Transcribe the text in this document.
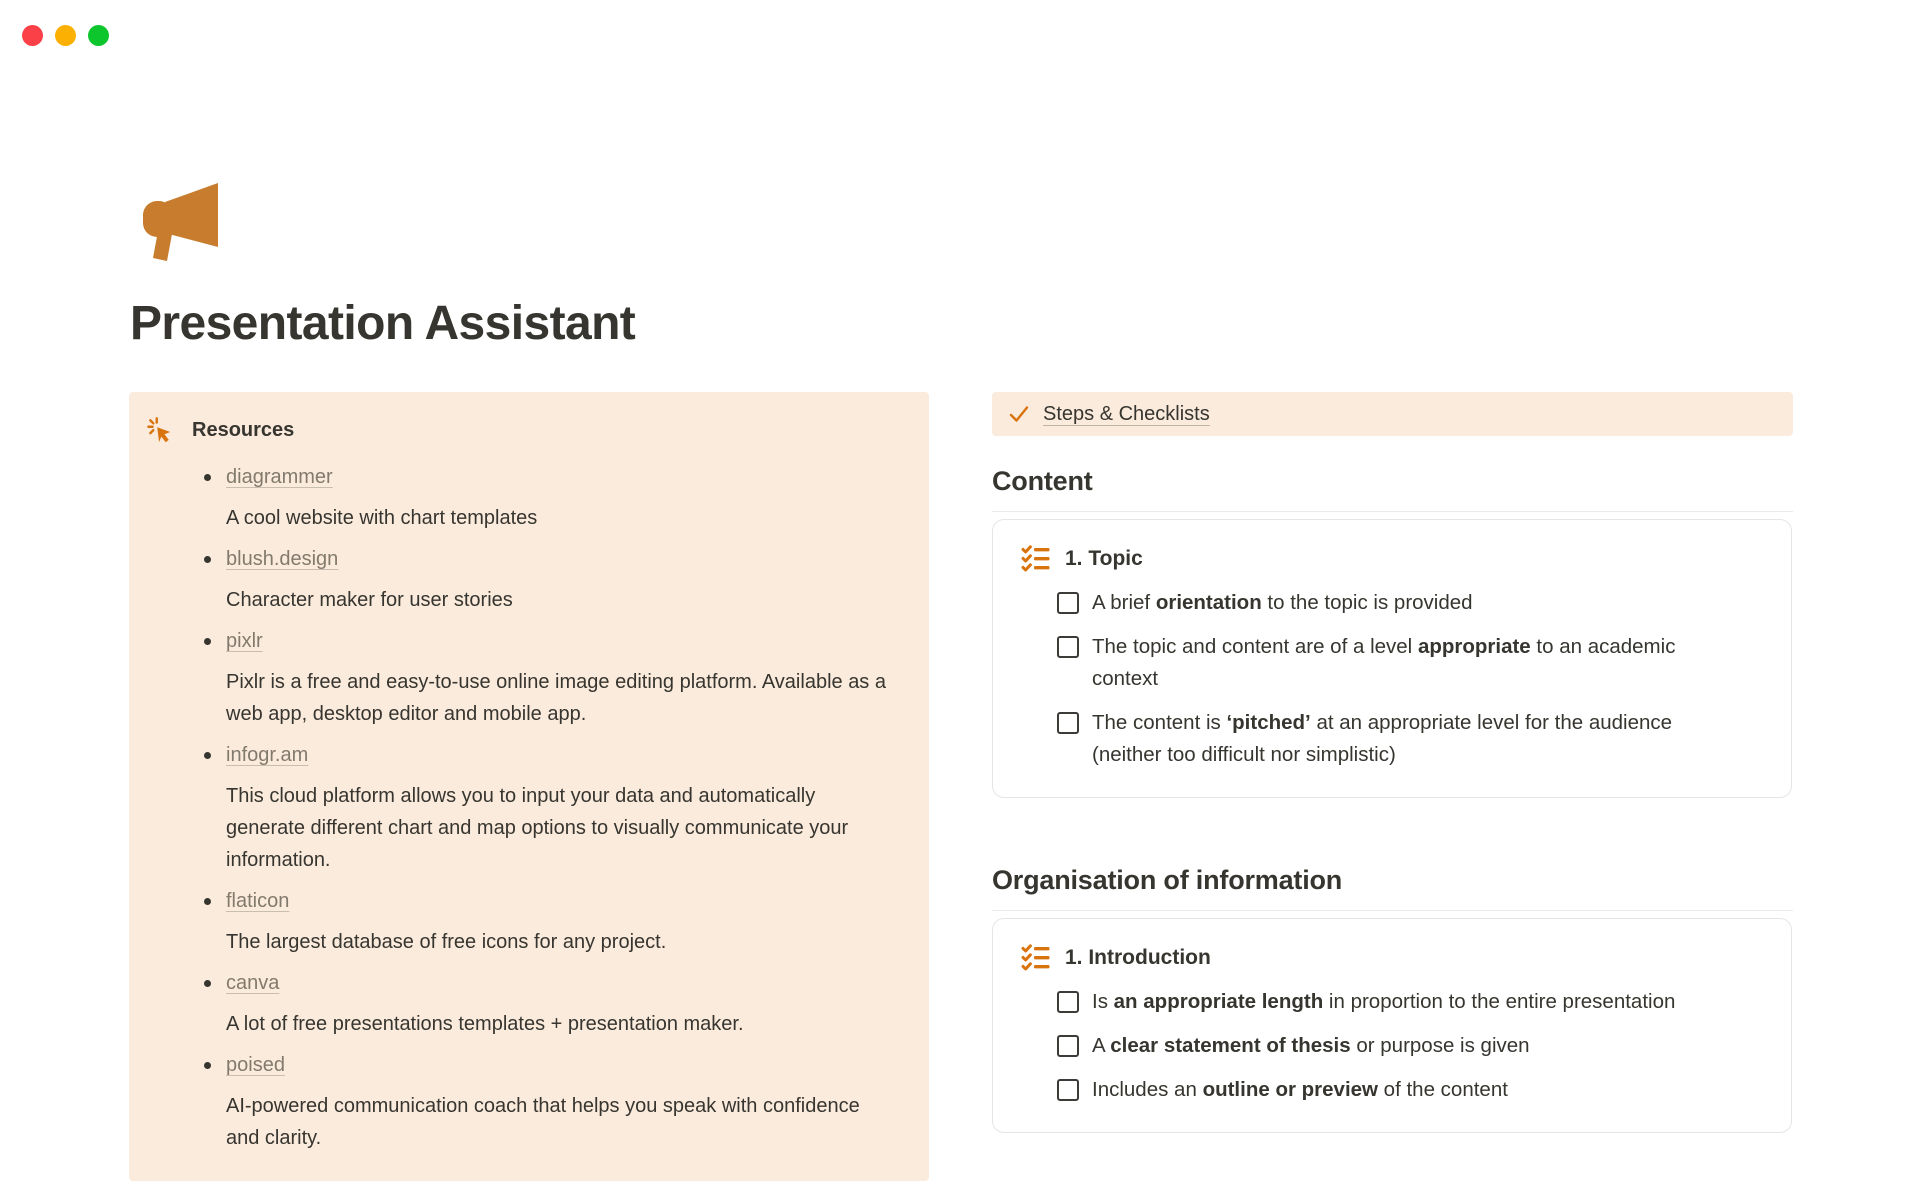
Presentation Assistant
Resources
diagrammer
A cool website with chart templates
blush.design
Character maker for user stories
pixlr
Pixlr is a free and easy-to-use online image editing platform. Available as a web app, desktop editor and mobile app.
infogr.am
This cloud platform allows you to input your data and automatically generate different chart and map options to visually communicate your information.
flaticon
The largest database of free icons for any project.
canva
A lot of free presentations templates + presentation maker.
poised
AI-powered communication coach that helps you speak with confidence and clarity.
Steps & Checklists
Content
1. Topic
A brief orientation to the topic is provided
The topic and content are of a level appropriate to an academic context
The content is ‘pitched’ at an appropriate level for the audience (neither too difficult nor simplistic)
Organisation of information
1. Introduction
Is an appropriate length in proportion to the entire presentation
A clear statement of thesis or purpose is given
Includes an outline or preview of the content
